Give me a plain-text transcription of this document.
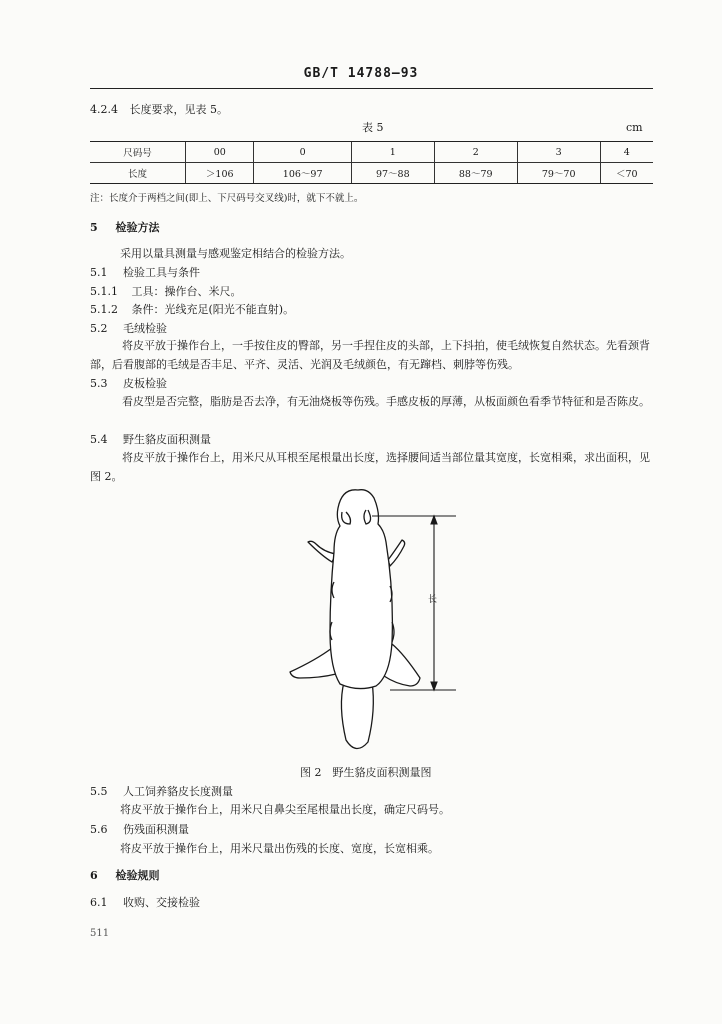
GB/T 14788—93
4.2.4 长度要求，见表 5。
表 5	cm
尺码号	00	0	1	2	3	4
长度	＞106	106～97	97～88	88～79	79～70	＜70
注：长度介于两档之间(即上、下尺码号交叉线)时，就下不就上。
5 检验方法
采用以量具测量与感观鉴定相结合的检验方法。
5.1 检验工具与条件
5.1.1 工具：操作台、米尺。
5.1.2 条件：光线充足(阳光不能直射)。
5.2 毛绒检验
将皮平放于操作台上，一手按住皮的臀部，另一手捏住皮的头部，上下抖拍，使毛绒恢复自然状态。先看颈背部，后看腹部的毛绒是否丰足、平齐、灵活、光润及毛绒颜色，有无蹿档、刺脖等伤残。
5.3 皮板检验
看皮型是否完整，脂肪是否去净，有无油烧板等伤残。手感皮板的厚薄，从板面颜色看季节特征和是否陈皮。
5.4 野生貉皮面积测量
将皮平放于操作台上，用米尺从耳根至尾根量出长度，选择腰间适当部位量其宽度，长宽相乘，求出面积，见图 2。
长
图 2　野生貉皮面积测量图
5.5 人工饲养貉皮长度测量
将皮平放于操作台上，用米尺自鼻尖至尾根量出长度，确定尺码号。
5.6 伤残面积测量
将皮平放于操作台上，用米尺量出伤残的长度、宽度，长宽相乘。
6 检验规则
6.1 收购、交接检验
511
